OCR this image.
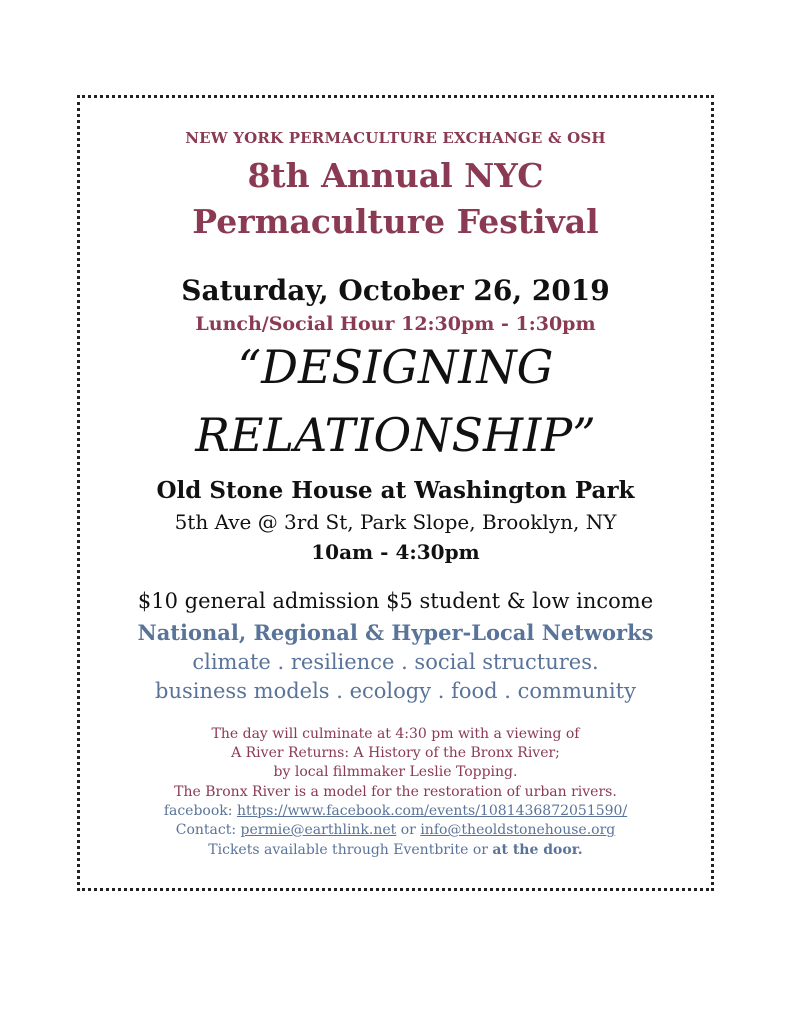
NEW YORK PERMACULTURE EXCHANGE & OSH
8th Annual NYC
Permaculture Festival
Saturday, October 26, 2019
Lunch/Social Hour 12:30pm - 1:30pm
“DESIGNING
RELATIONSHIP”
Old Stone House at Washington Park
5th Ave @ 3rd St, Park Slope, Brooklyn, NY
10am - 4:30pm
$10 general admission $5 student & low income
National, Regional & Hyper-Local Networks
climate . resilience . social structures.
business models . ecology . food . community
The day will culminate at 4:30 pm with a viewing of
A River Returns: A History of the Bronx River;
by local filmmaker Leslie Topping.
The Bronx River is a model for the restoration of urban rivers.
facebook: https://www.facebook.com/events/1081436872051590/
Contact: permie@earthlink.net or info@theoldstonehouse.org
Tickets available through Eventbrite or at the door.
